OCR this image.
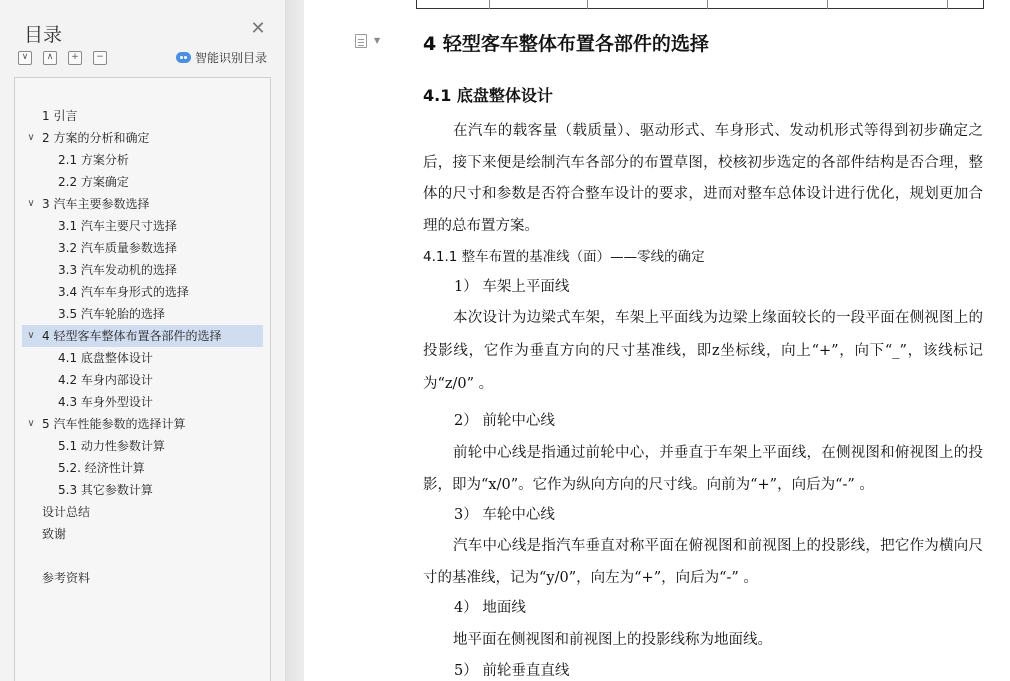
目录	✕
∨	∧	+	−	智能识别目录
1 引言
∨ 2 方案的分析和确定
2.1 方案分析
2.2 方案确定
∨ 3 汽车主要参数选择
3.1 汽车主要尺寸选择
3.2 汽车质量参数选择
3.3 汽车发动机的选择
3.4 汽车车身形式的选择
3.5 汽车轮胎的选择
∨ 4 轻型客车整体布置各部件的选择
4.1 底盘整体设计
4.2 车身内部设计
4.3 车身外型设计
∨ 5 汽车性能参数的选择计算
5.1 动力性参数计算
5.2. 经济性计算
5.3 其它参数计算
设计总结
致谢
参考资料
▼ 4 轻型客车整体布置各部件的选择
4.1 底盘整体设计

在汽车的载客量（载质量）、驱动形式、车身形式、发动机形式等得到初步确定之后，接下来便是绘制汽车各部分的布置草图，校核初步选定的各部件结构是否合理，整体的尺寸和参数是否符合整车设计的要求，进而对整车总体设计进行优化，规划更加合理的总布置方案。

4.1.1 整车布置的基准线（面）——零线的确定
1） 车架上平面线

本次设计为边梁式车架，车架上平面线为边梁上缘面较长的一段平面在侧视图上的投影线，它作为垂直方向的尺寸基准线，即z坐标线，向上“+”，向下“_”，该线标记为“z/0” 。

2） 前轮中心线

前轮中心线是指通过前轮中心，并垂直于车架上平面线，在侧视图和俯视图上的投影，即为“x/0”。它作为纵向方向的尺寸线。向前为“+”，向后为“-” 。

3） 车轮中心线

汽车中心线是指汽车垂直对称平面在俯视图和前视图上的投影线，把它作为横向尺寸的基准线，记为“y/0”，向左为“+”，向后为“-” 。

4） 地面线

地平面在侧视图和前视图上的投影线称为地面线。

5） 前轮垂直直线
